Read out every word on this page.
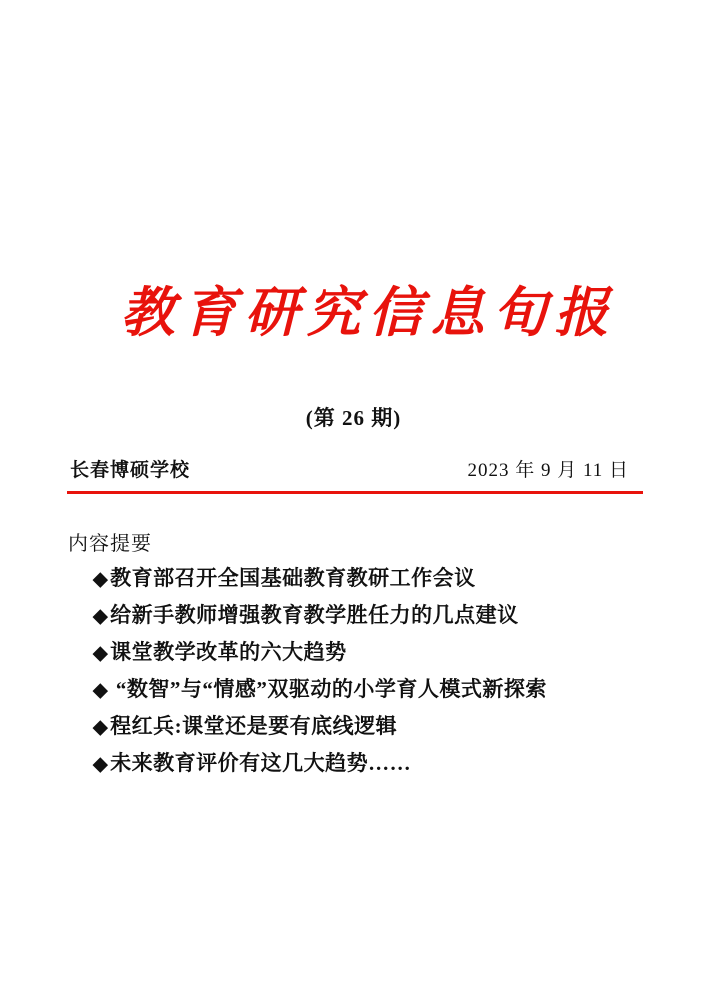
教育研究信息旬报
(第 26 期)
长春博硕学校	2023 年 9 月 11 日
内容提要
◆教育部召开全国基础教育教研工作会议
◆给新手教师增强教育教学胜任力的几点建议
◆课堂教学改革的六大趋势
◆ “数智”与“情感”双驱动的小学育人模式新探索
◆程红兵:课堂还是要有底线逻辑
◆未来教育评价有这几大趋势……
